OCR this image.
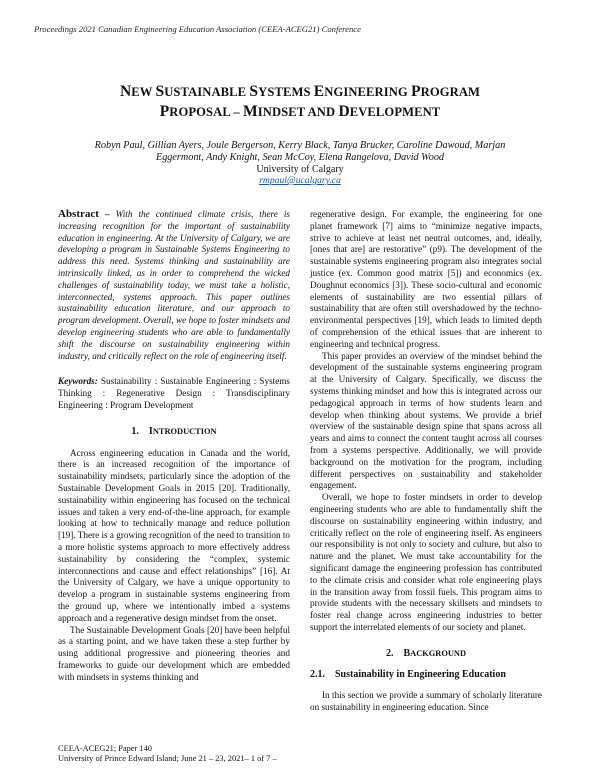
Proceedings 2021 Canadian Engineering Education Association (CEEA-ACEG21) Conference
NEW SUSTAINABLE SYSTEMS ENGINEERING PROGRAM
PROPOSAL – MINDSET AND DEVELOPMENT
Robyn Paul, Gillian Ayers, Joule Bergerson, Kerry Black, Tanya Brucker, Caroline Dawoud, Marjan
Eggermont, Andy Knight, Sean McCoy, Elena Rangelova, David Wood
University of Calgary
rmpaul@ucalgary.ca

Abstract – With the continued climate crisis, there is increasing recognition for the important of sustainability education in engineering. At the University of Calgary, we are developing a program in Sustainable Systems Engineering to address this need. Systems thinking and sustainability are intrinsically linked, as in order to comprehend the wicked challenges of sustainability today, we must take a holistic, interconnected, systems approach. This paper outlines sustainability education literature, and our approach to program development. Overall, we hope to foster mindsets and develop engineering students who are able to fundamentally shift the discourse on sustainability engineering within industry, and critically reflect on the role of engineering itself.

Keywords: Sustainability : Sustainable Engineering : Systems Thinking : Regenerative Design : Transdisciplinary Engineering : Program Development

1. INTRODUCTION

Across engineering education in Canada and the world, there is an increased recognition of the importance of sustainability mindsets, particularly since the adoption of the Sustainable Development Goals in 2015 [20]. Traditionally, sustainability within engineering has focused on the technical issues and taken a very end-of-the-line approach, for example looking at how to technically manage and reduce pollution [19]. There is a growing recognition of the need to transition to a more holistic systems approach to more effectively address sustainability by considering the “complex, systemic interconnections and cause and effect relationships” [16]. At the University of Calgary, we have a unique opportunity to develop a program in sustainable systems engineering from the ground up, where we intentionally imbed a systems approach and a regenerative design mindset from the onset.

The Sustainable Development Goals [20] have been helpful as a starting point, and we have taken these a step further by using additional progressive and pioneering theories and frameworks to guide our development which are embedded with mindsets in systems thinking and

regenerative design. For example, the engineering for one planet framework [7] aims to “minimize negative impacts, strive to achieve at least net neutral outcomes, and, ideally, [ones that are] are restorative” (p9). The development of the sustainable systems engineering program also integrates social justice (ex. Common good matrix [5]) and economics (ex. Doughnut economics [3]). These socio-cultural and economic elements of sustainability are two essential pillars of sustainability that are often still overshadowed by the techno-environmental perspectives [19], which leads to limited depth of comprehension of the ethical issues that are inherent to engineering and technical progress.

This paper provides an overview of the mindset behind the development of the sustainable systems engineering program at the University of Calgary. Specifically, we discuss the systems thinking mindset and how this is integrated across our pedagogical approach in terms of how students learn and develop when thinking about systems. We provide a brief overview of the sustainable design spine that spans across all years and aims to connect the content taught across all courses from a systems perspective. Additionally, we will provide background on the motivation for the program, including different perspectives on sustainability and stakeholder engagement.

Overall, we hope to foster mindsets in order to develop engineering students who are able to fundamentally shift the discourse on sustainability engineering within industry, and critically reflect on the role of engineering itself. As engineers our responsibility is not only to society and culture, but also to nature and the planet. We must take accountability for the significant damage the engineering profession has contributed to the climate crisis and consider what role engineering plays in the transition away from fossil fuels. This program aims to provide students with the necessary skillsets and mindsets to foster real change across engineering industries to better support the interrelated elements of our society and planet.

2. BACKGROUND

2.1. Sustainability in Engineering Education

In this section we provide a summary of scholarly literature on sustainability in engineering education. Since

CEEA-ACEG21; Paper 140
University of Prince Edward Island; June 21 – 23, 2021– 1 of 7 –
